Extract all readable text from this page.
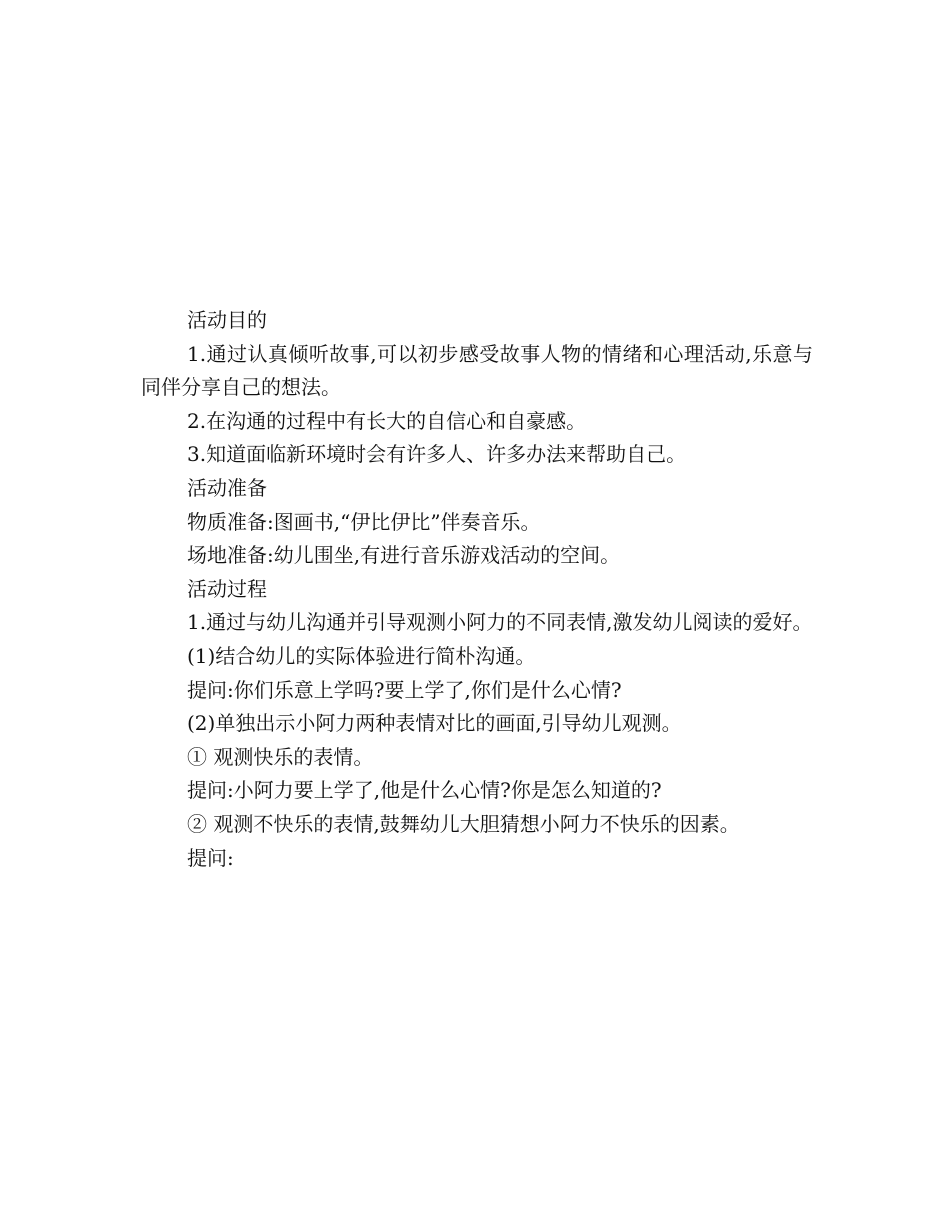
活动目的

1.通过认真倾听故事,可以初步感受故事人物的情绪和心理活动,乐意与同伴分享自己的想法。

2.在沟通的过程中有长大的自信心和自豪感。

3.知道面临新环境时会有许多人、许多办法来帮助自己。

活动准备

物质准备:图画书,“伊比伊比”伴奏音乐。

场地准备:幼儿围坐,有进行音乐游戏活动的空间。

活动过程

1.通过与幼儿沟通并引导观测小阿力的不同表情,激发幼儿阅读的爱好。

(1)结合幼儿的实际体验进行简朴沟通。

提问:你们乐意上学吗?要上学了,你们是什么心情?

(2)单独出示小阿力两种表情对比的画面,引导幼儿观测。

① 观测快乐的表情。

提问:小阿力要上学了,他是什么心情?你是怎么知道的?

② 观测不快乐的表情,鼓舞幼儿大胆猜想小阿力不快乐的因素。

提问:
